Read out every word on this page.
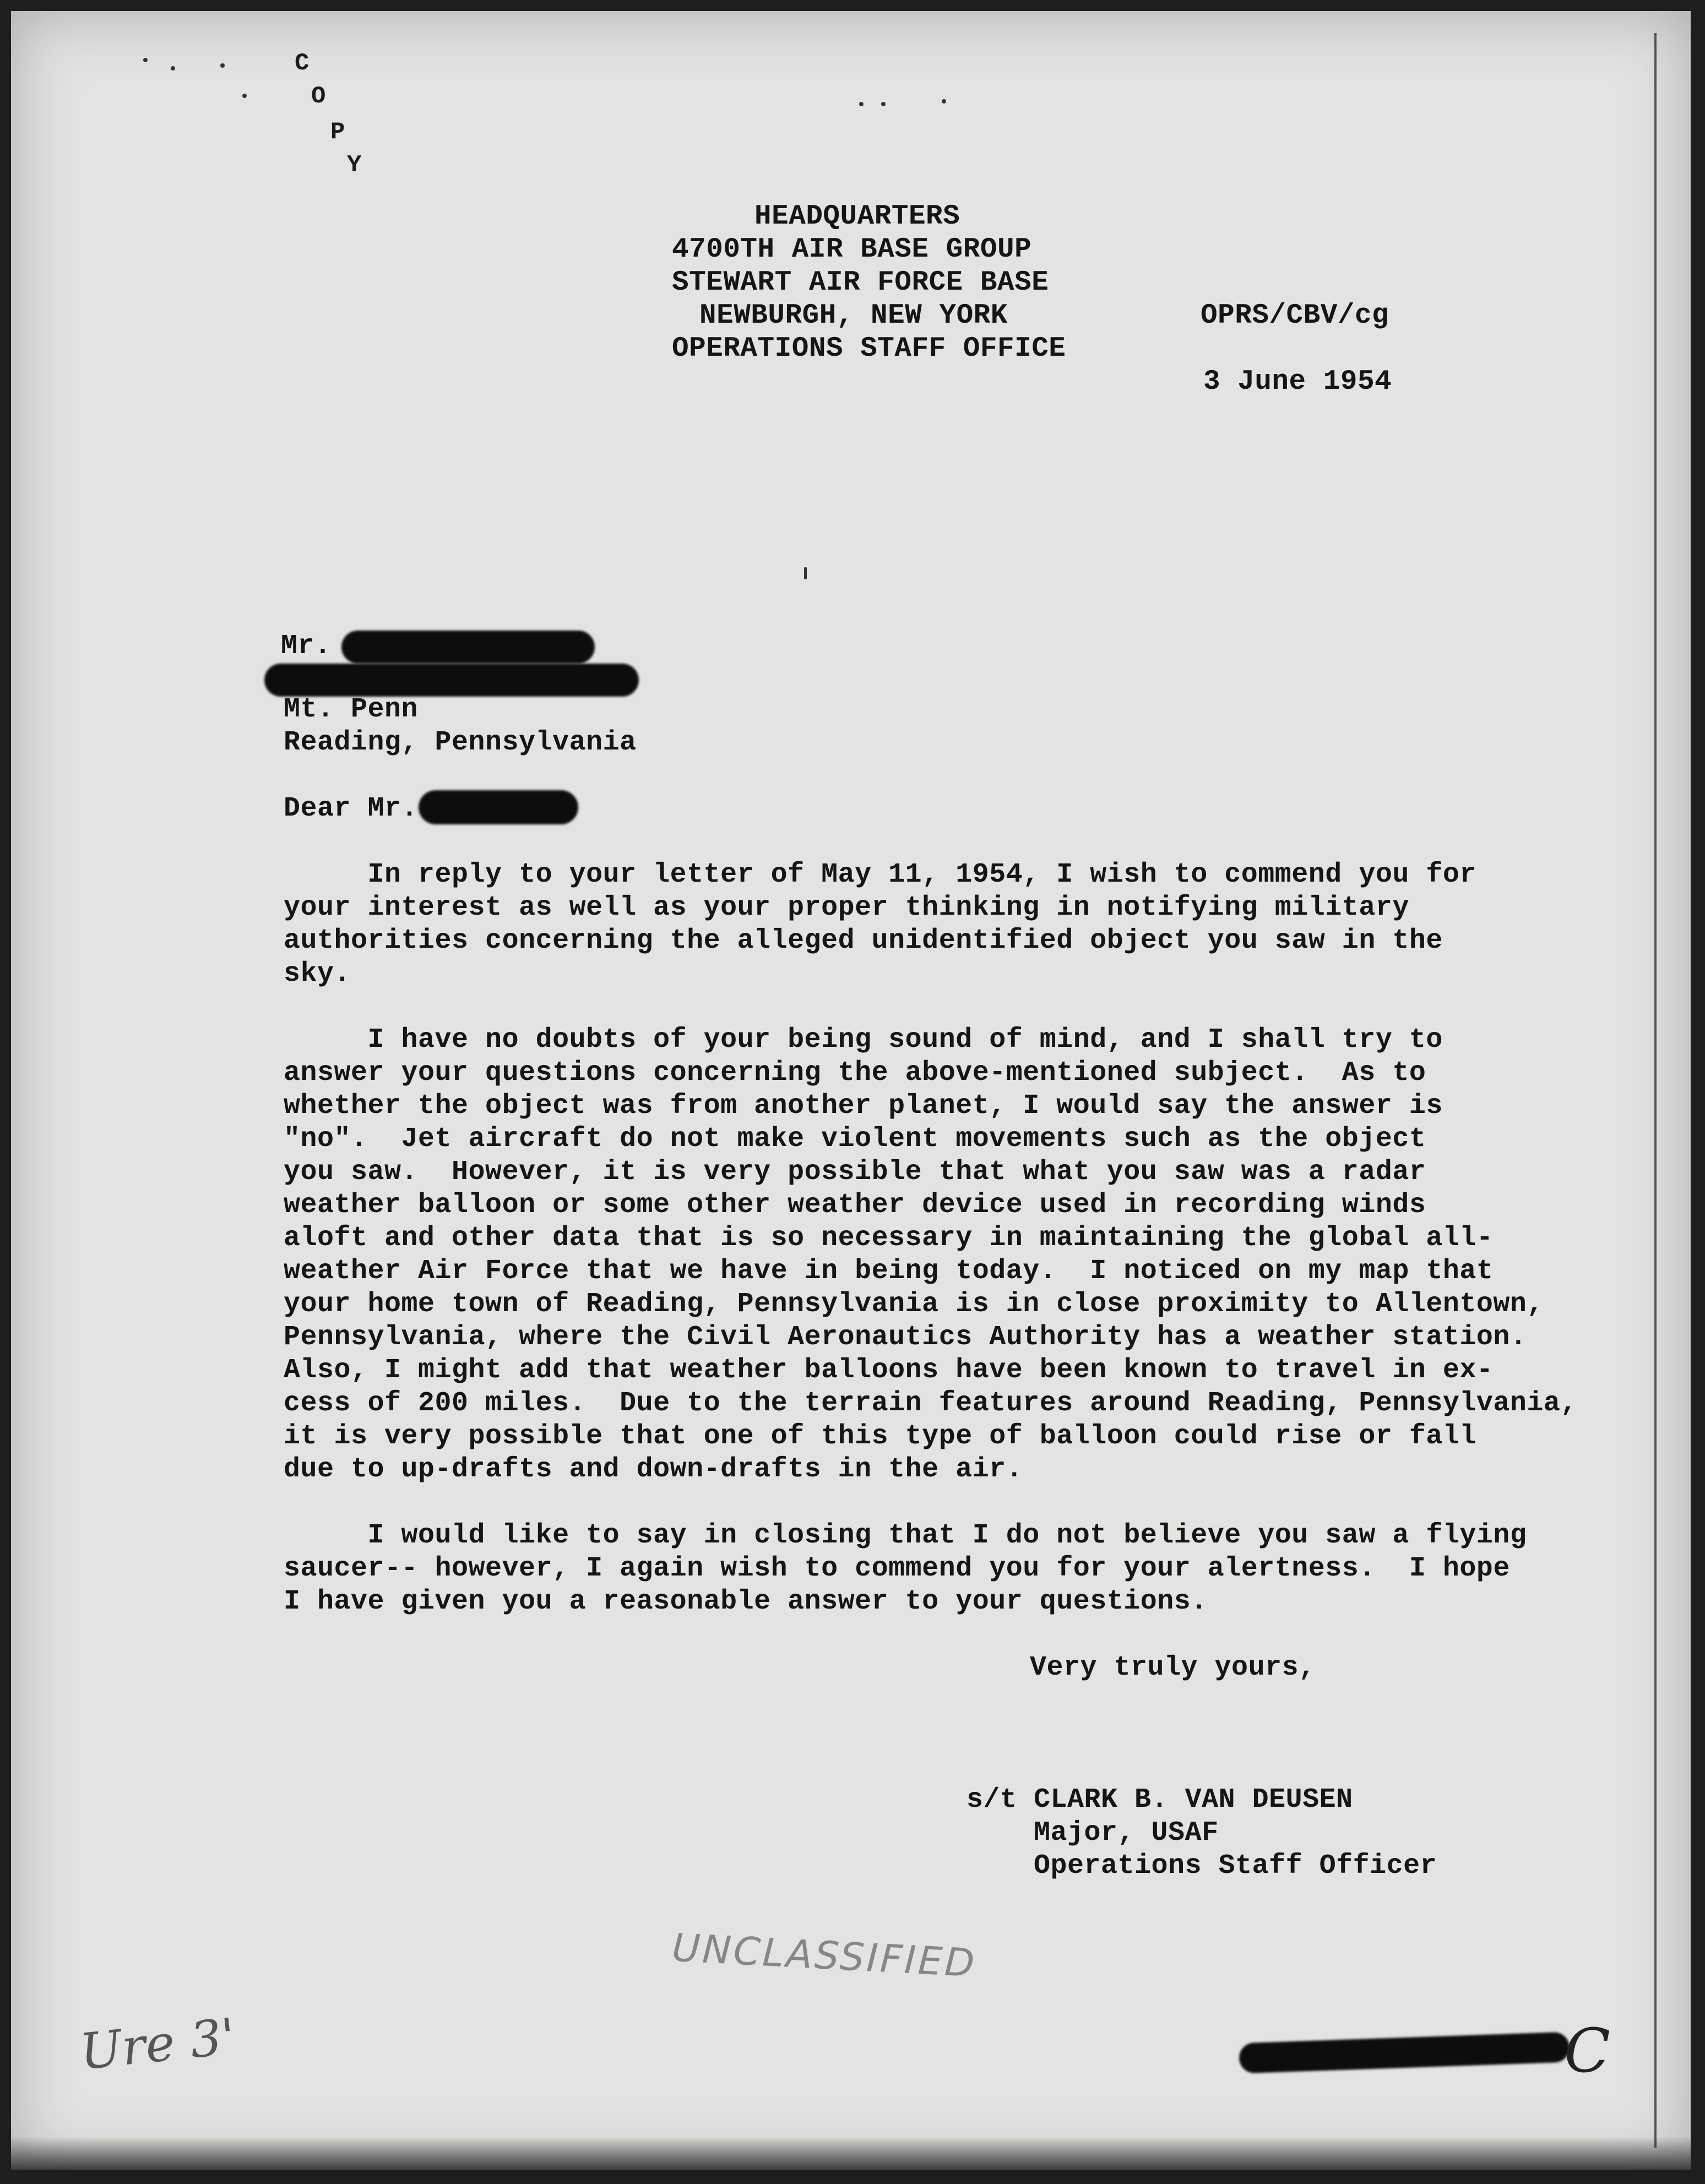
C
O
P
Y
HEADQUARTERS
4700TH AIR BASE GROUP
STEWART AIR FORCE BASE
NEWBURGH, NEW YORK
OPERATIONS STAFF OFFICE
OPRS/CBV/cg
3 June 1954
Mr.
Mt. Penn
Reading, Pennsylvania
Dear Mr.
In reply to your letter of May 11, 1954, I wish to commend you for
your interest as well as your proper thinking in notifying military
authorities concerning the alleged unidentified object you saw in the
sky.
I have no doubts of your being sound of mind, and I shall try to
answer your questions concerning the above-mentioned subject.  As to
whether the object was from another planet, I would say the answer is
"no".  Jet aircraft do not make violent movements such as the object
you saw.  However, it is very possible that what you saw was a radar
weather balloon or some other weather device used in recording winds
aloft and other data that is so necessary in maintaining the global all-
weather Air Force that we have in being today.  I noticed on my map that
your home town of Reading, Pennsylvania is in close proximity to Allentown,
Pennsylvania, where the Civil Aeronautics Authority has a weather station.
Also, I might add that weather balloons have been known to travel in ex-
cess of 200 miles.  Due to the terrain features around Reading, Pennsylvania,
it is very possible that one of this type of balloon could rise or fall
due to up-drafts and down-drafts in the air.
I would like to say in closing that I do not believe you saw a flying
saucer-- however, I again wish to commend you for your alertness.  I hope
I have given you a reasonable answer to your questions.
Very truly yours,
s/t CLARK B. VAN DEUSEN
Major, USAF
Operations Staff Officer
UNCLASSIFIED
Ure 3'	C
